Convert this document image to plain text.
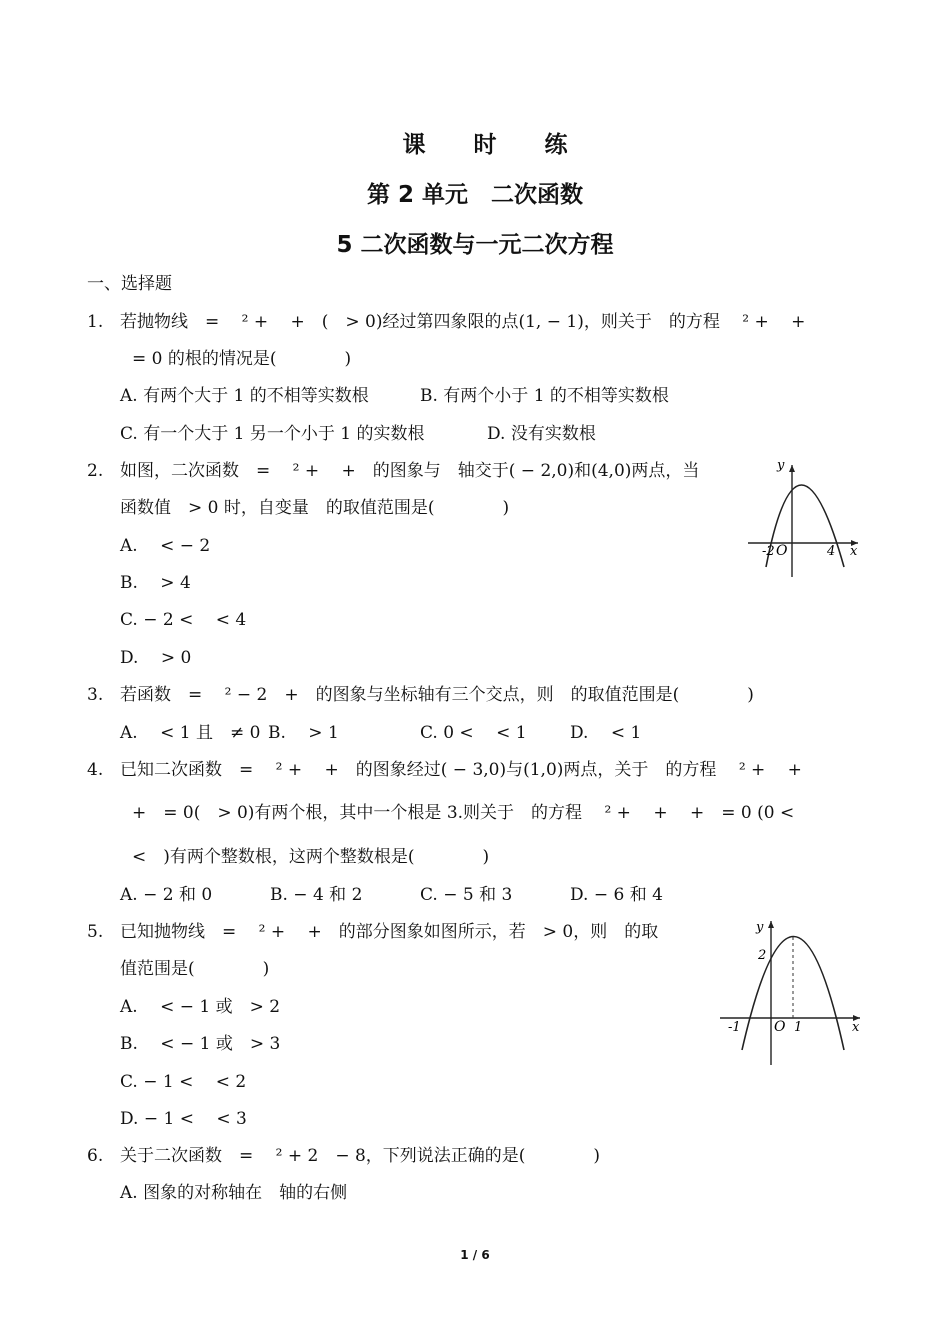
课 时 练
第 2 单元　二次函数
5 二次函数与一元二次方程
一、选择题
1. 若抛物线　=　 ² +　 +　(　> 0)经过第四象限的点(1, − 1)，则关于　的方程　 ² +　 +
= 0 的根的情况是(　　　　)
A. 有两个大于 1 的不相等实数根	B. 有两个小于 1 的不相等实数根
C. 有一个大于 1 另一个小于 1 的实数根	D. 没有实数根
2. 如图，二次函数　=　 ² +　 +　的图象与　轴交于( − 2,0)和(4,0)两点，当
函数值　> 0 时，自变量　的取值范围是(　　　　)
A.　 < − 2
B.　 > 4
C. − 2 <　 < 4
D.　 > 0
y
x
O
-2	4
3. 若函数　=　 ² − 2　+　的图象与坐标轴有三个交点，则　的取值范围是(　　　　)
A.　 < 1 且　≠ 0 B.　 > 1	C. 0 <　 < 1	D.　 < 1
4. 已知二次函数　=　 ² +　 +　的图象经过( − 3,0)与(1,0)两点，关于　的方程　 ² +　 +
+　= 0(　> 0)有两个根，其中一个根是 3.则关于　的方程　 ² +　 +　 +　= 0 (0 <
<　)有两个整数根，这两个整数根是(　　　　)
A. − 2 和 0	B. − 4 和 2	C. − 5 和 3	D. − 6 和 4
5. 已知抛物线　=　 ² +　 +　的部分图象如图所示，若　> 0，则　的取
值范围是(　　　　)
A.　 < − 1 或　> 2
B.　 < − 1 或　> 3
C. − 1 <　 < 2
D. − 1 <　 < 3
y
x
O
-1	1
2
6. 关于二次函数　=　 ² + 2　− 8，下列说法正确的是(　　　　)
A. 图象的对称轴在　轴的右侧
1 / 6
